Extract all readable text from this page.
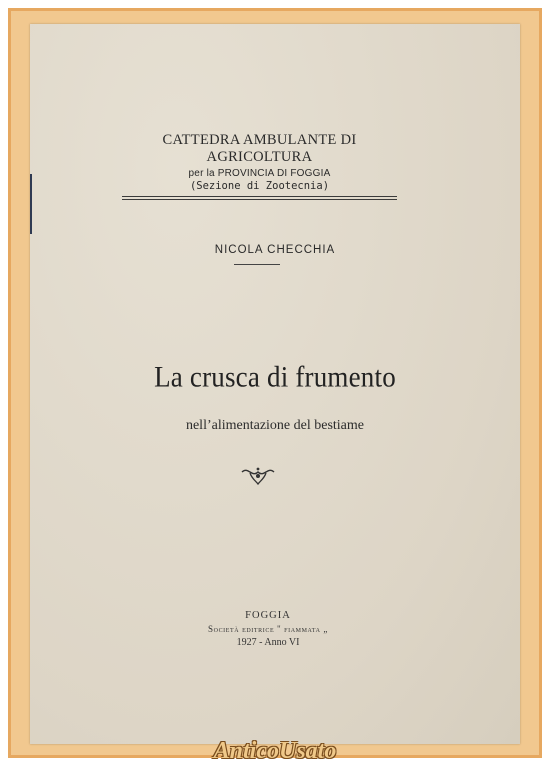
CATTEDRA AMBULANTE DI AGRICOLTURA
per la PROVINCIA DI FOGGIA
(Sezione di Zootecnia)
NICOLA CHECCHIA
La crusca di frumento
nell’alimentazione del bestiame
FOGGIA
Società editrice " fiammata „
1927 - Anno VI
AnticoUsato
